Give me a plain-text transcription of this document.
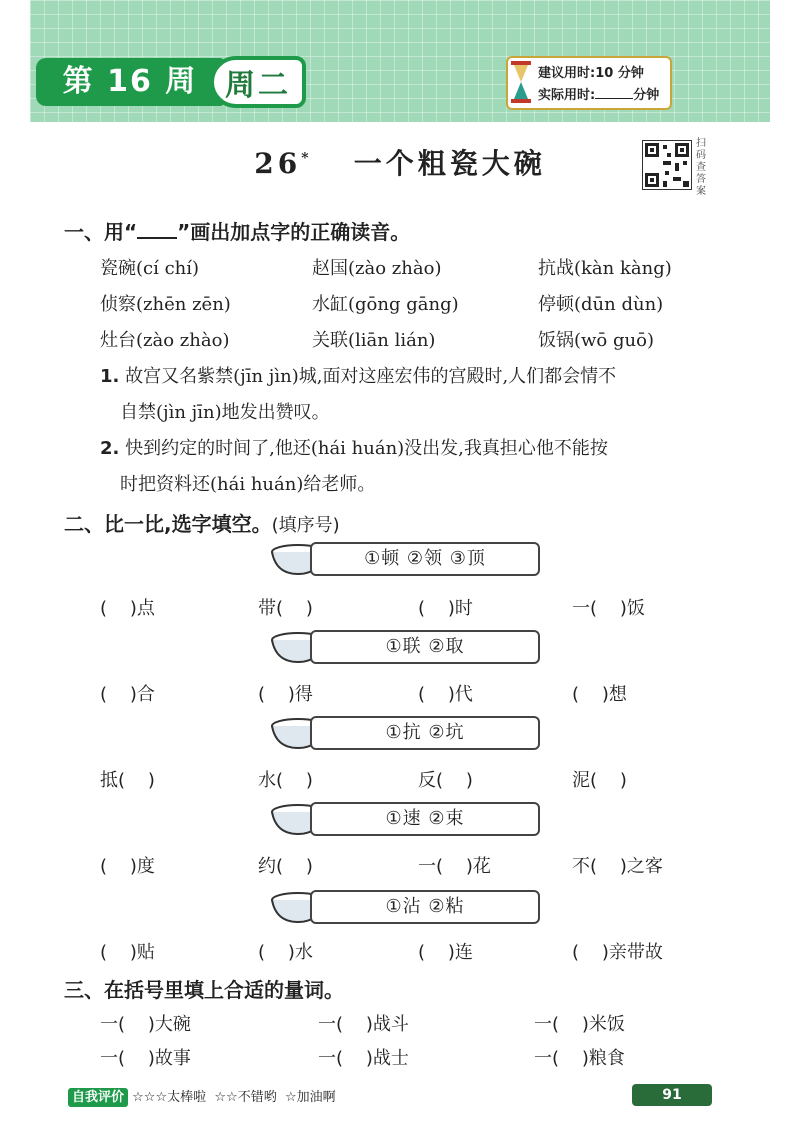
第 16 周 周二	建议用时:10 分钟
实际用时:	分钟
26* 一个粗瓷大碗
扫码查答案
一、用“ ”画出加点字的正确读音。
瓷碗(cí chí)	赵国(zào zhào)	抗战(kàn kàng)
侦察(zhēn zēn)	水缸(gōng gāng)	停顿(dūn dùn)
灶台(zào zhào)	关联(liān lián)	饭锅(wō guō)
1. 故宫又名紫禁(jīn jìn)城,面对这座宏伟的宫殿时,人们都会情不
自禁(jìn jīn)地发出赞叹。
2. 快到约定的时间了,他还(hái huán)没出发,我真担心他不能按
时把资料还(hái huán)给老师。
二、比一比,选字填空。(填序号)
①顿 ②领 ③顶
(    )点	带(    )	(    )时	一(    )饭
①联 ②取
(    )合	(    )得	(    )代	(    )想
①抗 ②坑
抵(    )	水(    )	反(    )	泥(    )
①速 ②束
(    )度	约(    )	一(    )花	不(    )之客
①沾 ②粘
(    )贴	(    )水	(    )连	(    )亲带故
三、在括号里填上合适的量词。
一(    )大碗	一(    )战斗	一(    )米饭
一(    )故事	一(    )战士	一(    )粮食
自我评价 ☆☆☆太棒啦 ☆☆不错哟 ☆加油啊	91
